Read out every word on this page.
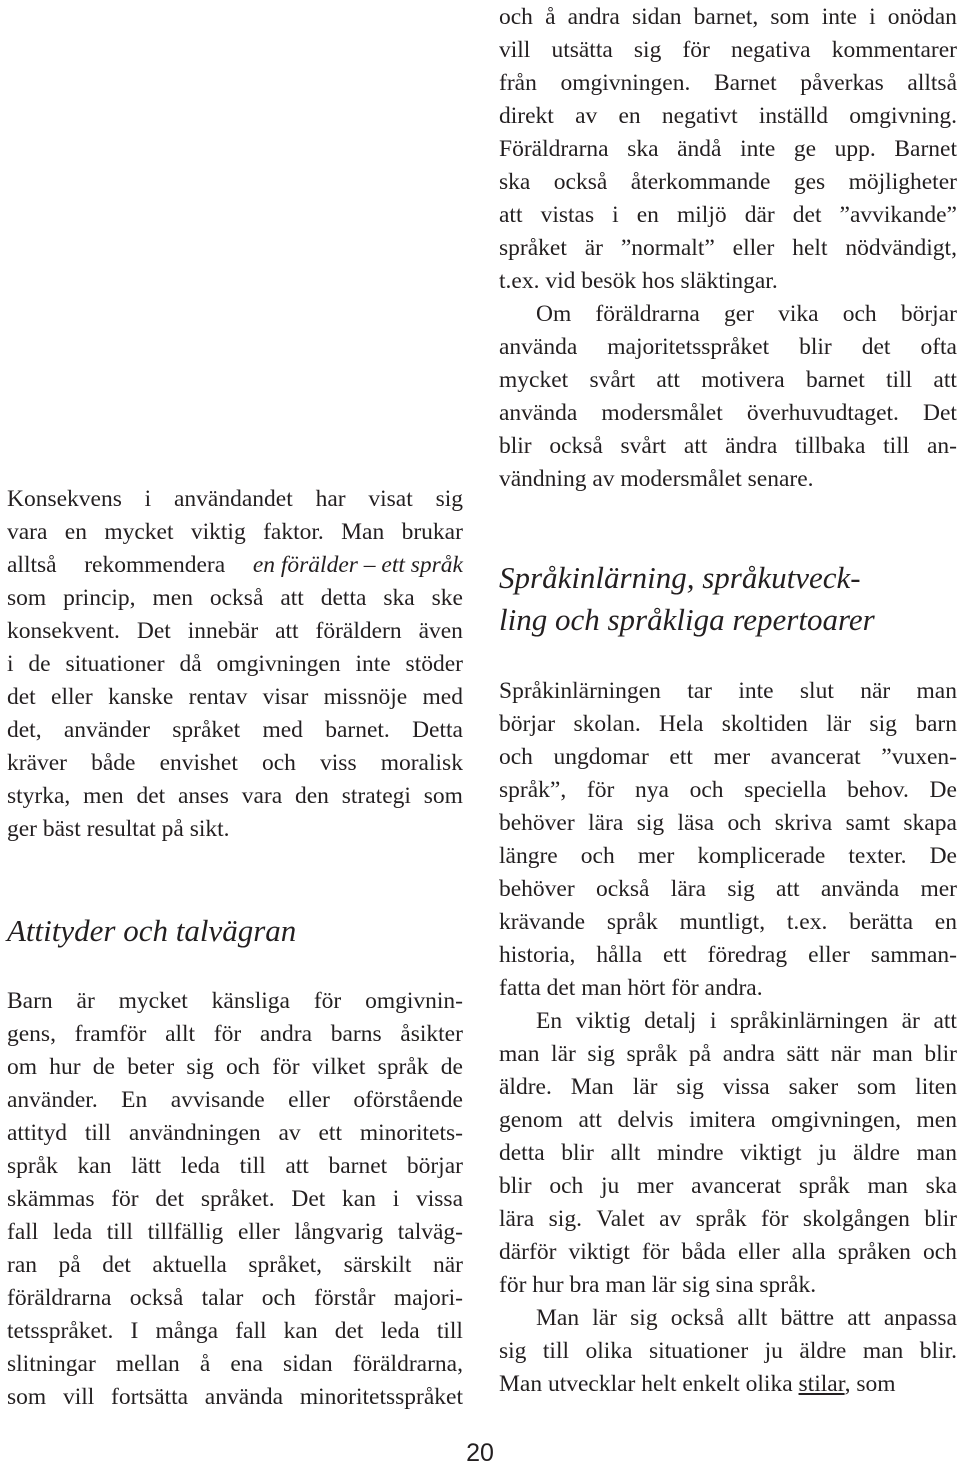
Konsekvens i användandet har visat sig
vara en mycket viktig faktor. Man brukar
alltså rekommendera en förälder – ett språk
som princip, men också att detta ska ske
konsekvent. Det innebär att föräldern även
i de situationer då omgivningen inte stöder
det eller kanske rentav visar missnöje med
det, använder språket med barnet. Detta
kräver både envishet och viss moralisk
styrka, men det anses vara den strategi som
ger bäst resultat på sikt.
Attityder och talvägran
Barn är mycket känsliga för omgivnin-
gens, framför allt för andra barns åsikter
om hur de beter sig och för vilket språk de
använder. En avvisande eller oförstående
attityd till användningen av ett minoritets-
språk kan lätt leda till att barnet börjar
skämmas för det språket. Det kan i vissa
fall leda till tillfällig eller långvarig talväg-
ran på det aktuella språket, särskilt när
föräldrarna också talar och förstår majori-
tetsspråket. I många fall kan det leda till
slitningar mellan å ena sidan föräldrarna,
som vill fortsätta använda minoritetsspråket
och å andra sidan barnet, som inte i onödan
vill utsätta sig för negativa kommentarer
från omgivningen. Barnet påverkas alltså
direkt av en negativt inställd omgivning.
Föräldrarna ska ändå inte ge upp. Barnet
ska också återkommande ges möjligheter
att vistas i en miljö där det ”avvikande”
språket är ”normalt” eller helt nödvändigt,
t.ex. vid besök hos släktingar.
Om föräldrarna ger vika och börjar
använda majoritetsspråket blir det ofta
mycket svårt att motivera barnet till att
använda modersmålet överhuvudtaget. Det
blir också svårt att ändra tillbaka till an-
vändning av modersmålet senare.
Språkinlärning, språkutveck-
ling och språkliga repertoarer
Språkinlärningen tar inte slut när man
börjar skolan. Hela skoltiden lär sig barn
och ungdomar ett mer avancerat ”vuxen-
språk”, för nya och speciella behov. De
behöver lära sig läsa och skriva samt skapa
längre och mer komplicerade texter. De
behöver också lära sig att använda mer
krävande språk muntligt, t.ex. berätta en
historia, hålla ett föredrag eller samman-
fatta det man hört för andra.
En viktig detalj i språkinlärningen är att
man lär sig språk på andra sätt när man blir
äldre. Man lär sig vissa saker som liten
genom att delvis imitera omgivningen, men
detta blir allt mindre viktigt ju äldre man
blir och ju mer avancerat språk man ska
lära sig. Valet av språk för skolgången blir
därför viktigt för båda eller alla språken och
för hur bra man lär sig sina språk.
Man lär sig också allt bättre att anpassa
sig till olika situationer ju äldre man blir.
Man utvecklar helt enkelt olika stilar, som
20
